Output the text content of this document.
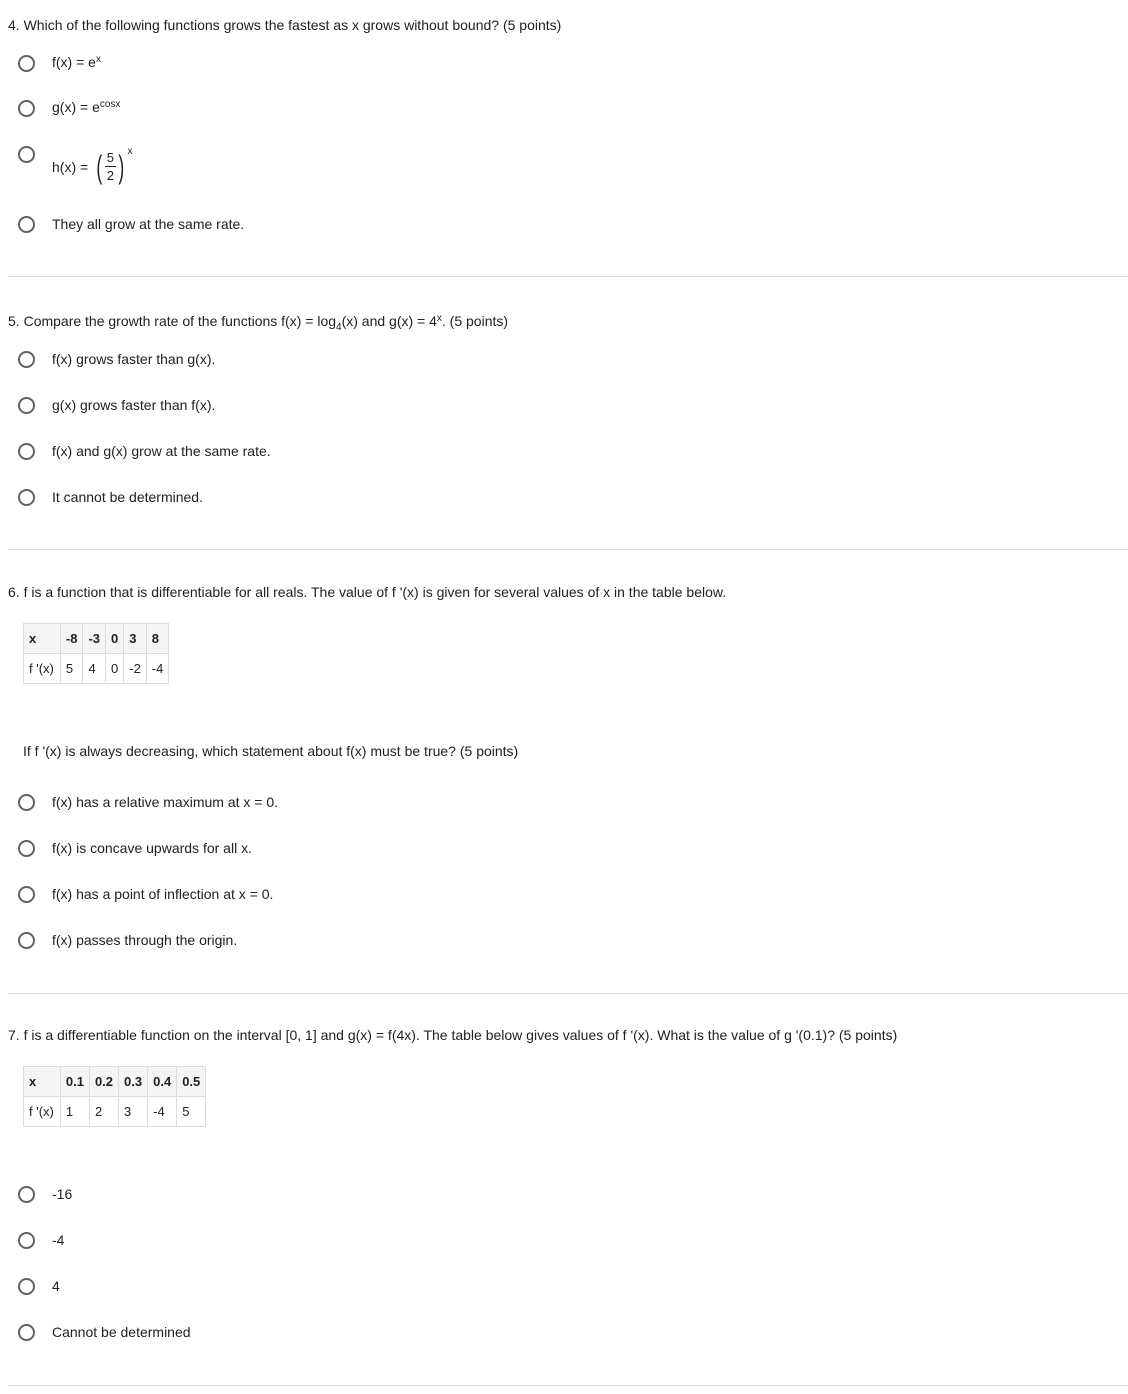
4. Which of the following functions grows the fastest as x grows without bound? (5 points)
$f(x) = e^x$
$g(x) = e^{cosx}$
h(x) = ( $\frac{5}{2}$ ) x
They all grow at the same rate.
5. Compare the growth rate of the functions $f(x) = \log_4(x)$ and $g(x) = 4^x$. (5 points)
f(x) grows faster than g(x).
g(x) grows faster than f(x).
f(x) and g(x) grow at the same rate.
It cannot be determined.
6. f is a function that is differentiable for all reals. The value of f '(x) is given for several values of x in the table below.
x	-8	-3	0	3	8
f '(x)	5	4	0	-2	-4
If f '(x) is always decreasing, which statement about f(x) must be true? (5 points)
f(x) has a relative maximum at x = 0.
f(x) is concave upwards for all x.
f(x) has a point of inflection at x = 0.
f(x) passes through the origin.
7. f is a differentiable function on the interval [0, 1] and g(x) = f(4x). The table below gives values of f '(x). What is the value of g '(0.1)? (5 points)
x	0.1	0.2	0.3	0.4	0.5
f '(x)	1	2	3	-4	5
-16
-4
4
Cannot be determined
